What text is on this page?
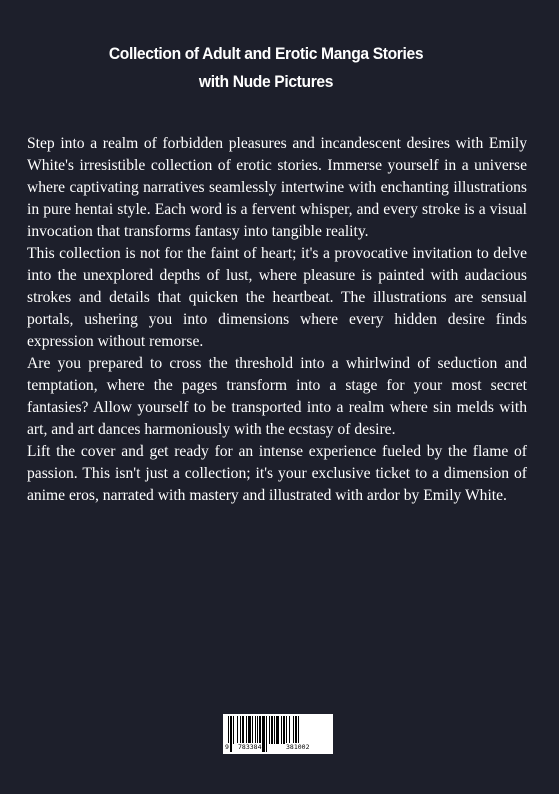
Collection of Adult and Erotic Manga Stories
with Nude Pictures

Step into a realm of forbidden pleasures and incandescent desires with Emily White's irresistible collection of erotic stories. Immerse yourself in a universe where captivating narratives seamlessly intertwine with enchanting illustrations in pure hentai style. Each word is a fervent whisper, and every stroke is a visual invocation that transforms fantasy into tangible reality.

This collection is not for the faint of heart; it's a provocative invitation to delve into the unexplored depths of lust, where pleasure is painted with audacious strokes and details that quicken the heartbeat. The illustrations are sensual portals, ushering you into dimensions where every hidden desire finds expression without remorse.

Are you prepared to cross the threshold into a whirlwind of seduction and temptation, where the pages transform into a stage for your most secret fantasies? Allow yourself to be transported into a realm where sin melds with art, and art dances harmoniously with the ecstasy of desire.

Lift the cover and get ready for an intense experience fueled by the flame of passion. This isn't just a collection; it's your exclusive ticket to a dimension of anime eros, narrated with mastery and illustrated with ardor by Emily White.

9 783384	381002
